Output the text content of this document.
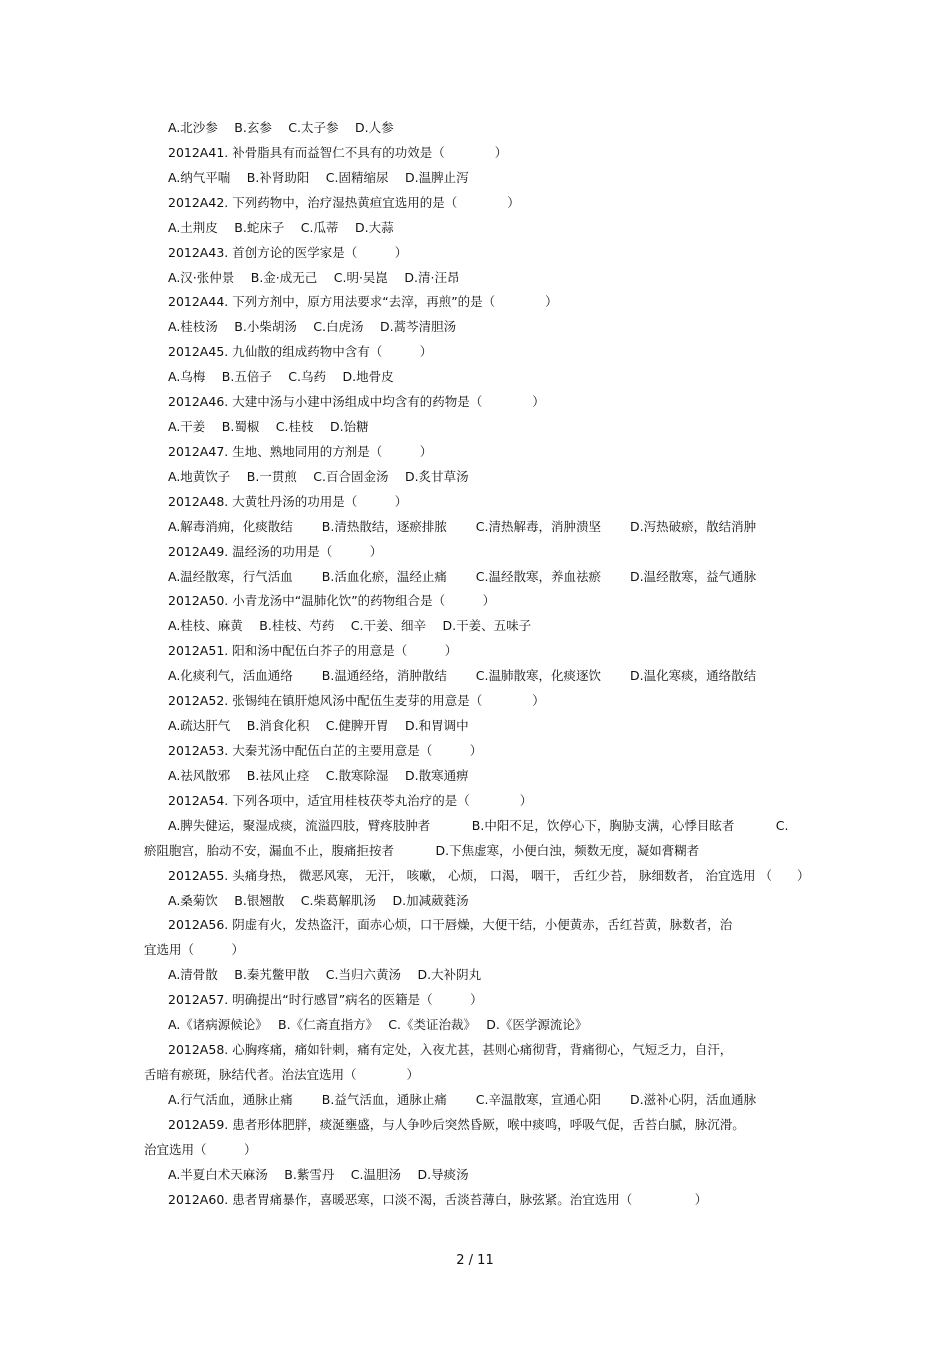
A.北沙参　 B.玄参　 C.太子参　 D.人参
2012A41. 补骨脂具有而益智仁不具有的功效是（　　　　）
A.纳气平喘　 B.补肾助阳　 C.固精缩尿　 D.温脾止泻
2012A42. 下列药物中，治疗湿热黄疸宜选用的是（　　　　）
A.土荆皮　 B.蛇床子　 C.瓜蒂　 D.大蒜
2012A43. 首创方论的医学家是（　　　）
A.汉·张仲景　 B.金·成无己　 C.明·吴崑　 D.清·汪昂
2012A44. 下列方剂中，原方用法要求“去滓，再煎”的是（　　　　）
A.桂枝汤　 B.小柴胡汤　 C.白虎汤　 D.蒿芩清胆汤
2012A45. 九仙散的组成药物中含有（　　　）
A.乌梅　 B.五倍子　 C.乌药　 D.地骨皮
2012A46. 大建中汤与小建中汤组成中均含有的药物是（　　　　）
A.干姜　 B.蜀椒　 C.桂枝　 D.饴糖
2012A47. 生地、熟地同用的方剂是（　　　）
A.地黄饮子　 B.一贯煎　 C.百合固金汤　 D.炙甘草汤
2012A48. 大黄牡丹汤的功用是（　　　）
A.解毒消痈，化痰散结　　 B.清热散结，逐瘀排脓　　 C.清热解毒，消肿溃坚　　 D.泻热破瘀，散结消肿
2012A49. 温经汤的功用是（　　　）
A.温经散寒，行气活血　　 B.活血化瘀，温经止痛　　 C.温经散寒，养血祛瘀　　 D.温经散寒，益气通脉
2012A50. 小青龙汤中“温肺化饮”的药物组合是（　　　）
A.桂枝、麻黄　 B.桂枝、芍药　 C.干姜、细辛　 D.干姜、五味子
2012A51. 阳和汤中配伍白芥子的用意是（　　　）
A.化痰利气，活血通络　　 B.温通经络，消肿散结　　 C.温肺散寒，化痰逐饮　　 D.温化寒痰，通络散结
2012A52. 张锡纯在镇肝熄风汤中配伍生麦芽的用意是（　　　　）
A.疏达肝气　 B.消食化积　 C.健脾开胃　 D.和胃调中
2012A53. 大秦艽汤中配伍白芷的主要用意是（　　　）
A.祛风散邪　 B.祛风止痉　 C.散寒除湿　 D.散寒通痹
2012A54. 下列各项中，适宜用桂枝茯苓丸治疗的是（　　　　）
A.脾失健运，聚湿成痰，流溢四肢，臂疼肢肿者　　　 B.中阳不足，饮停心下，胸胁支满，心悸目眩者　　　 C.
瘀阻胞宫，胎动不安，漏血不止，腹痛拒按者　　　 D.下焦虚寒，小便白浊，频数无度，凝如膏糊者
2012A55. 头痛身热， 微恶风寒， 无汗， 咳嗽， 心烦， 口渴， 咽干， 舌红少苔， 脉细数者， 治宜选用 （　　）
A.桑菊饮　 B.银翘散　 C.柴葛解肌汤　 D.加减葳蕤汤
2012A56. 阴虚有火，发热盗汗，面赤心烦，口干唇燥，大便干结，小便黄赤，舌红苔黄，脉数者，治
宜选用（　　　）
A.清骨散　 B.秦艽鳖甲散　 C.当归六黄汤　 D.大补阴丸
2012A57. 明确提出“时行感冒”病名的医籍是（　　　）
A.《诸病源候论》　 B.《仁斋直指方》　 C.《类证治裁》　 D.《医学源流论》
2012A58. 心胸疼痛，痛如针刺，痛有定处，入夜尤甚，甚则心痛彻背，背痛彻心，气短乏力，自汗，
舌暗有瘀斑，脉结代者。治法宜选用（　　　　）
A.行气活血，通脉止痛　　 B.益气活血，通脉止痛　　 C.辛温散寒，宣通心阳　　 D.滋补心阴，活血通脉
2012A59. 患者形体肥胖，痰涎壅盛，与人争吵后突然昏厥，喉中痰鸣，呼吸气促，舌苔白腻，脉沉滑。
治宜选用（　　　）
A.半夏白术天麻汤　 B.紫雪丹　 C.温胆汤　 D.导痰汤
2012A60. 患者胃痛暴作，喜暖恶寒，口淡不渴，舌淡苔薄白，脉弦紧。治宜选用（　　　　　）
2 / 11
